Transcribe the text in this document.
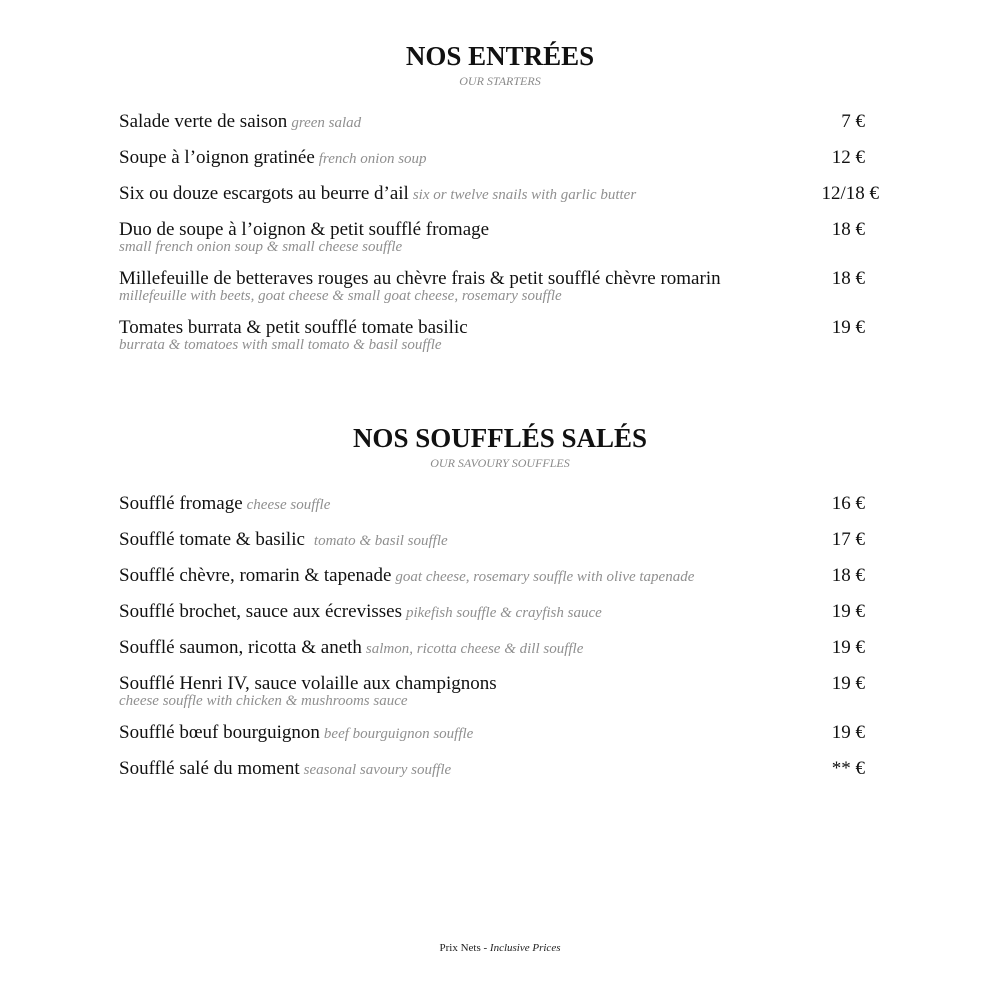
NOS ENTRÉES
OUR STARTERS
Salade verte de saison green salad	7 €
Soupe à l’oignon gratinée french onion soup	12 €
Six ou douze escargots au beurre d’ail six or twelve snails with garlic butter	12/18 €
Duo de soupe à l’oignon & petit soufflé fromage
small french onion soup & small cheese souffle
18 €
Millefeuille de betteraves rouges au chèvre frais & petit soufflé chèvre romarin
millefeuille with beets, goat cheese & small goat cheese, rosemary souffle
18 €
Tomates burrata & petit soufflé tomate basilic
burrata & tomatoes with small tomato & basil souffle
19 €
NOS SOUFFLÉS SALÉS
OUR SAVOURY SOUFFLES
Soufflé fromage cheese souffle	16 €
Soufflé tomate & basilic tomato & basil souffle	17 €
Soufflé chèvre, romarin & tapenade goat cheese, rosemary souffle with olive tapenade	18 €
Soufflé brochet, sauce aux écrevisses pikefish souffle & crayfish sauce	19 €
Soufflé saumon, ricotta & aneth salmon, ricotta cheese & dill souffle	19 €
Soufflé Henri IV, sauce volaille aux champignons
cheese souffle with chicken & mushrooms sauce
19 €
Soufflé bœuf bourguignon beef bourguignon souffle	19 €
Soufflé salé du moment seasonal savoury souffle	** €
Prix Nets - Inclusive Prices
